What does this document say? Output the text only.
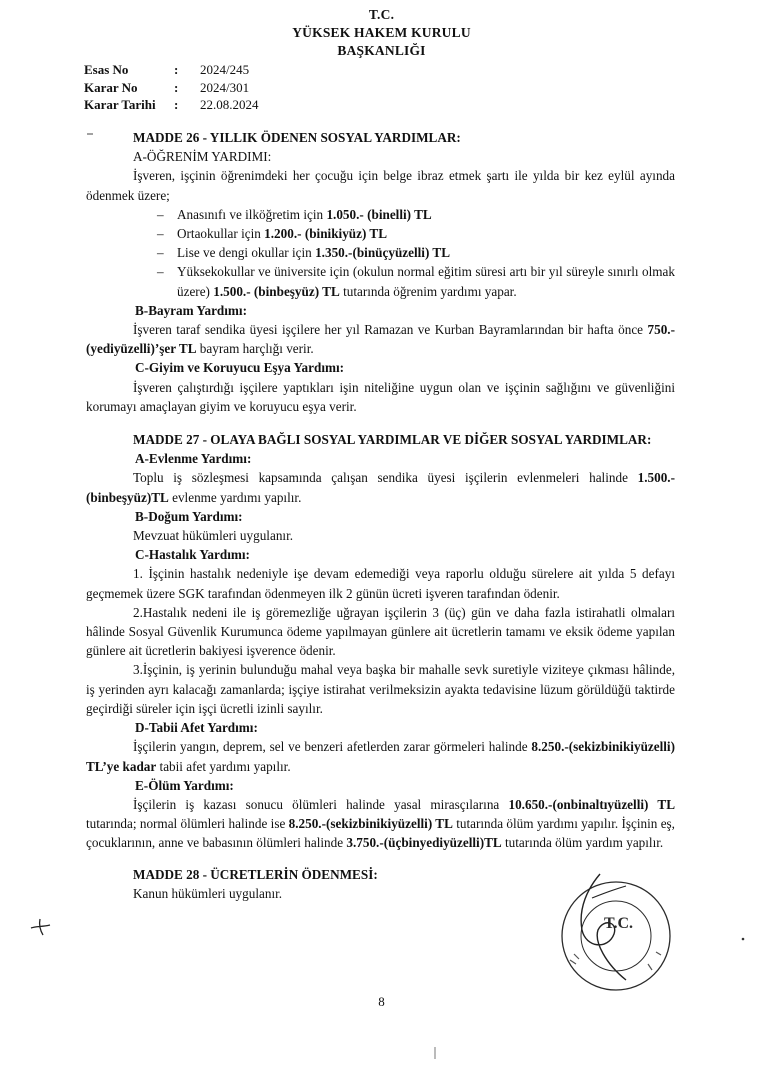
T.C.
YÜKSEK HAKEM KURULU
BAŞKANLIĞI
Esas No	:	2024/245
Karar No	:	2024/301
Karar Tarihi	:	22.08.2024

MADDE 26 - YILLIK ÖDENEN SOSYAL YARDIMLAR:

A-ÖĞRENİM YARDIMI:

İşveren, işçinin öğrenimdeki her çocuğu için belge ibraz etmek şartı ile yılda bir kez eylül ayında ödenmek üzere;

– Anasınıfı ve ilköğretim için 1.050.- (binelli) TL

– Ortaokullar için 1.200.- (binikiyüz) TL

– Lise ve dengi okullar için 1.350.-(binüçyüzelli) TL

– Yüksekokullar ve üniversite için (okulun normal eğitim süresi artı bir yıl süreyle sınırlı olmak üzere) 1.500.- (binbeşyüz) TL tutarında öğrenim yardımı yapar.

B-Bayram Yardımı:

İşveren taraf sendika üyesi işçilere her yıl Ramazan ve Kurban Bayramlarından bir hafta önce 750.-(yediyüzelli)’şer TL bayram harçlığı verir.

C-Giyim ve Koruyucu Eşya Yardımı:

İşveren çalıştırdığı işçilere yaptıkları işin niteliğine uygun olan ve işçinin sağlığını ve güvenliğini korumayı amaçlayan giyim ve koruyucu eşya verir.

MADDE 27 - OLAYA BAĞLI SOSYAL YARDIMLAR VE DİĞER SOSYAL YARDIMLAR:

A-Evlenme Yardımı:

Toplu iş sözleşmesi kapsamında çalışan sendika üyesi işçilerin evlenmeleri halinde 1.500.-(binbeşyüz)TL evlenme yardımı yapılır.

B-Doğum Yardımı:

Mevzuat hükümleri uygulanır.

C-Hastalık Yardımı:

1. İşçinin hastalık nedeniyle işe devam edemediği veya raporlu olduğu sürelere ait yılda 5 defayı geçmemek üzere SGK tarafından ödenmeyen ilk 2 günün ücreti işveren tarafından ödenir.

2.Hastalık nedeni ile iş göremezliğe uğrayan işçilerin 3 (üç) gün ve daha fazla istirahatli olmaları hâlinde Sosyal Güvenlik Kurumunca ödeme yapılmayan günlere ait ücretlerin tamamı ve eksik ödeme yapılan günlere ait ücretlerin bakiyesi işverence ödenir.

3.İşçinin, iş yerinin bulunduğu mahal veya başka bir mahalle sevk suretiyle viziteye çıkması hâlinde, iş yerinden ayrı kalacağı zamanlarda; işçiye istirahat verilmeksizin ayakta tedavisine lüzum görüldüğü taktirde geçirdiği süreler için işçi ücretli izinli sayılır.

D-Tabii Afet Yardımı:

İşçilerin yangın, deprem, sel ve benzeri afetlerden zarar görmeleri halinde 8.250.-(sekizbinikiyüzelli) TL’ye kadar tabii afet yardımı yapılır.

E-Ölüm Yardımı:

İşçilerin iş kazası sonucu ölümleri halinde yasal mirasçılarına 10.650.-(onbinaltıyüzelli) TL tutarında; normal ölümleri halinde ise 8.250.-(sekizbinikiyüzelli) TL tutarında ölüm yardımı yapılır. İşçinin eş, çocuklarının, anne ve babasının ölümleri halinde 3.750.-(üçbinyediyüzelli)TL tutarında ölüm yardım yapılır.

MADDE 28 - ÜCRETLERİN ÖDENMESİ:

Kanun hükümleri uygulanır.

T.C.
8
